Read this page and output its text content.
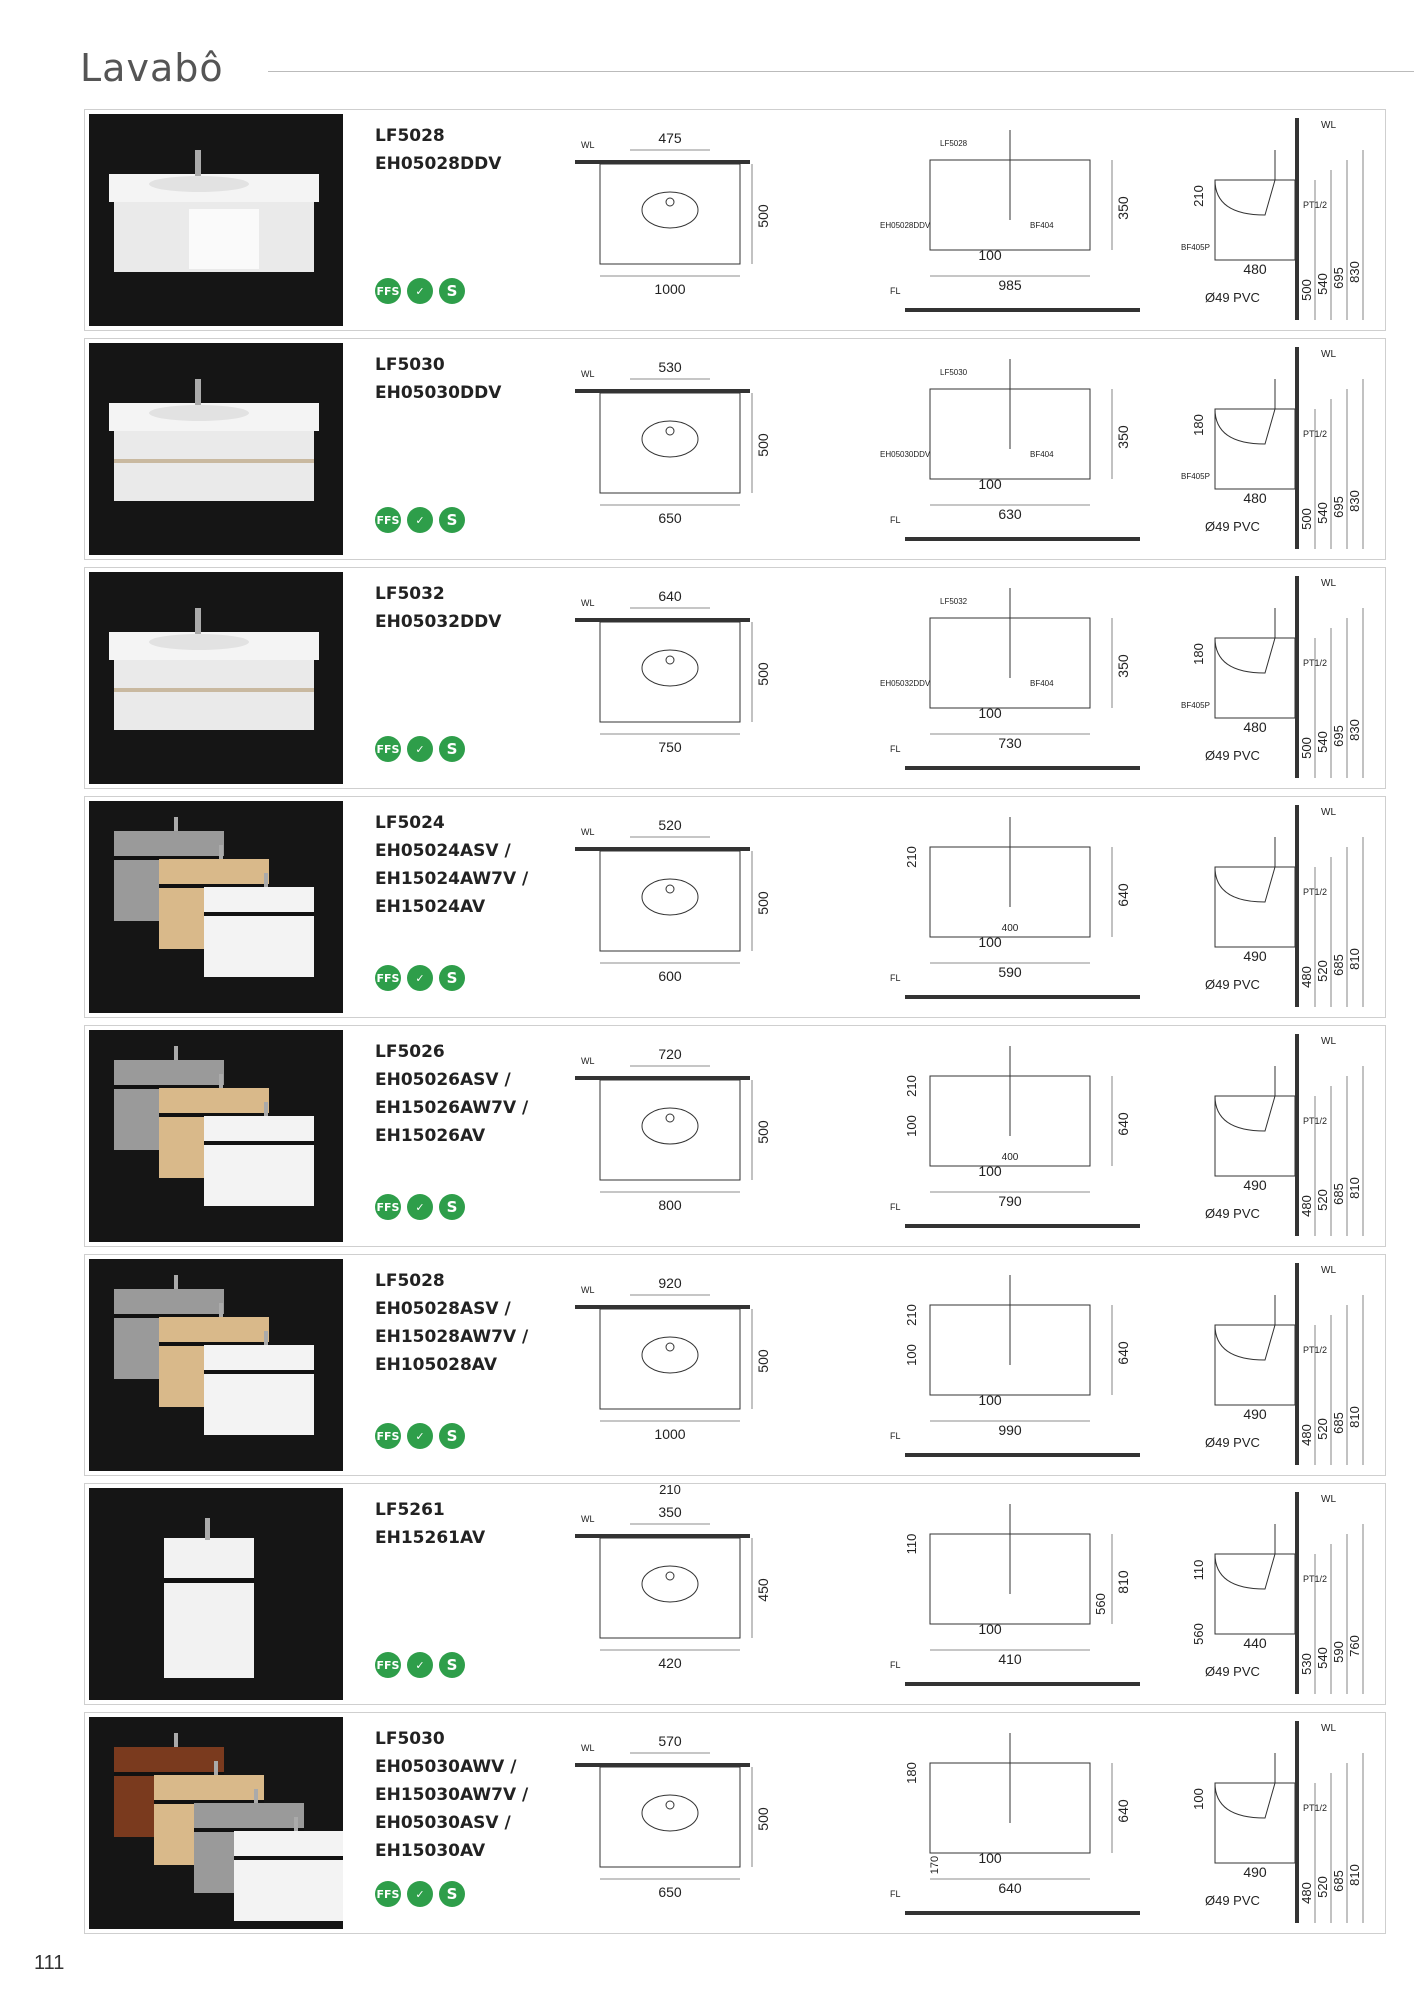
Lavabô
111
LF5028
EH05028DDV
FFS	✓	S
WL	475
1000
500
LF5028
EH05028DDV	BF404
100
985
350
FL
WL
210	PT1/2
BF405P
480
Ø49 PVC	500 540 695 830
LF5030
EH05030DDV
FFS	✓	S
WL	530
650
500
LF5030
EH05030DDV	BF404
100
630
350
FL
WL
180	PT1/2
BF405P
480
Ø49 PVC	500 540 695 830
LF5032
EH05032DDV
FFS	✓	S
WL	640
750
500
LF5032
EH05032DDV	BF404
100
730
350
FL
WL
180	PT1/2
BF405P
480
Ø49 PVC	500 540 695 830
LF5024
EH05024ASV /
EH15024AW7V /
EH15024AV
FFS	✓	S
WL	520
600
500
210
400
100
590
640
FL
WL
PT1/2
490
Ø49 PVC	480 520 685 810
LF5026
EH05026ASV /
EH15026AW7V /
EH15026AV
FFS	✓	S
WL	720
800
500
210
100
400
100
790
640
FL
WL
PT1/2
490
Ø49 PVC	480 520 685 810
LF5028
EH05028ASV /
EH15028AW7V /
EH105028AV
FFS	✓	S
WL	920
1000
500
210
100
100
990
640
FL
WL
PT1/2
490
Ø49 PVC	480 520 685 810
LF5261
EH15261AV
FFS	✓	S
WL	350
210
420
450
110
100
560
410
810
FL
WL
110
560
PT1/2
440
Ø49 PVC	530 540 590 760
LF5030
EH05030AWV /
EH15030AW7V /
EH05030ASV /
EH15030AV
FFS	✓	S
WL	570
650
500
180
100
170
640
640
FL
WL
100	PT1/2
490
Ø49 PVC	480 520 685 810
